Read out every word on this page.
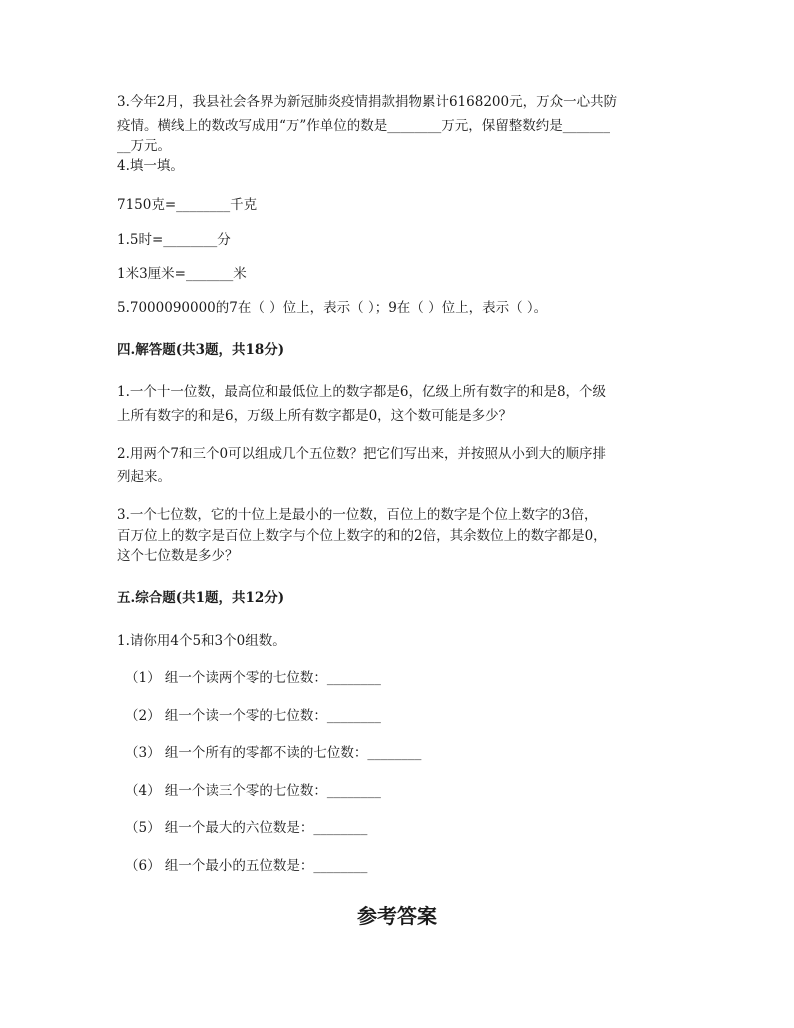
3.今年2月，我县社会各界为新冠肺炎疫情捐款捐物累计6168200元，万众一心共防
疫情。横线上的数改写成用“万”作单位的数是________万元，保留整数约是_______
__万元。
4.填一填。
7150克=________千克
1.5时=________分
1米3厘米=_______米
5.7000090000的7在（ ）位上，表示（ ）；9在（ ）位上，表示（ ）。
四.解答题(共3题，共18分)
1.一个十一位数，最高位和最低位上的数字都是6，亿级上所有数字的和是8，个级
上所有数字的和是6，万级上所有数字都是0，这个数可能是多少？
2.用两个7和三个0可以组成几个五位数？把它们写出来，并按照从小到大的顺序排
列起来。
3.一个七位数，它的十位上是最小的一位数，百位上的数字是个位上数字的3倍，
百万位上的数字是百位上数字与个位上数字的和的2倍，其余数位上的数字都是0，
这个七位数是多少？
五.综合题(共1题，共12分)
1.请你用4个5和3个0组数。
（1） 组一个读两个零的七位数：________
（2） 组一个读一个零的七位数：________
（3） 组一个所有的零都不读的七位数：________
（4） 组一个读三个零的七位数：________
（5） 组一个最大的六位数是：________
（6） 组一个最小的五位数是：________
参考答案
